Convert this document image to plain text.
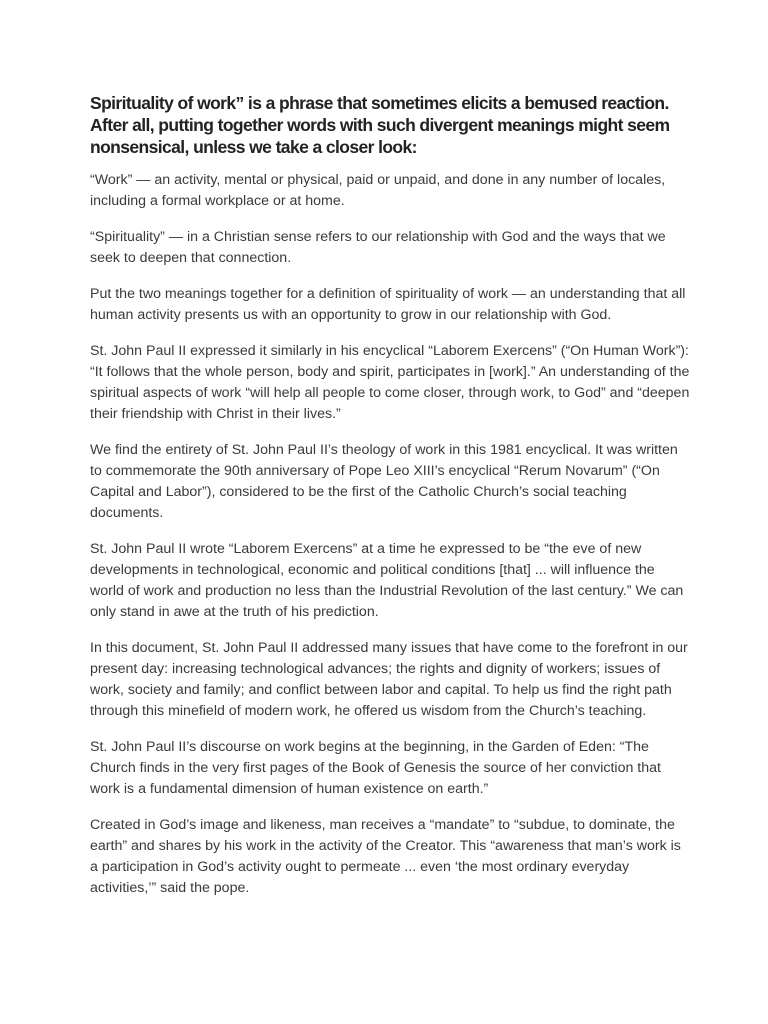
Spirituality of work” is a phrase that sometimes elicits a bemused reaction. After all, putting together words with such divergent meanings might seem nonsensical, unless we take a closer look:

“Work” — an activity, mental or physical, paid or unpaid, and done in any number of locales, including a formal workplace or at home.

“Spirituality” — in a Christian sense refers to our relationship with God and the ways that we seek to deepen that connection.

Put the two meanings together for a definition of spirituality of work — an understanding that all human activity presents us with an opportunity to grow in our relationship with God.

St. John Paul II expressed it similarly in his encyclical “Laborem Exercens” (“On Human Work”): “It follows that the whole person, body and spirit, participates in [work].” An understanding of the spiritual aspects of work “will help all people to come closer, through work, to God” and “deepen their friendship with Christ in their lives.”

We find the entirety of St. John Paul II’s theology of work in this 1981 encyclical. It was written to commemorate the 90th anniversary of Pope Leo XIII’s encyclical “Rerum Novarum” (“On Capital and Labor”), considered to be the first of the Catholic Church’s social teaching documents.

St. John Paul II wrote “Laborem Exercens” at a time he expressed to be “the eve of new developments in technological, economic and political conditions [that] ... will influence the world of work and production no less than the Industrial Revolution of the last century.” We can only stand in awe at the truth of his prediction.

In this document, St. John Paul II addressed many issues that have come to the forefront in our present day: increasing technological advances; the rights and dignity of workers; issues of work, society and family; and conflict between labor and capital. To help us find the right path through this minefield of modern work, he offered us wisdom from the Church’s teaching.

St. John Paul II’s discourse on work begins at the beginning, in the Garden of Eden: “The Church finds in the very first pages of the Book of Genesis the source of her conviction that work is a fundamental dimension of human existence on earth.”

Created in God’s image and likeness, man receives a “mandate” to “subdue, to dominate, the earth” and shares by his work in the activity of the Creator. This “awareness that man’s work is a participation in God’s activity ought to permeate ... even ‘the most ordinary everyday activities,’” said the pope.
